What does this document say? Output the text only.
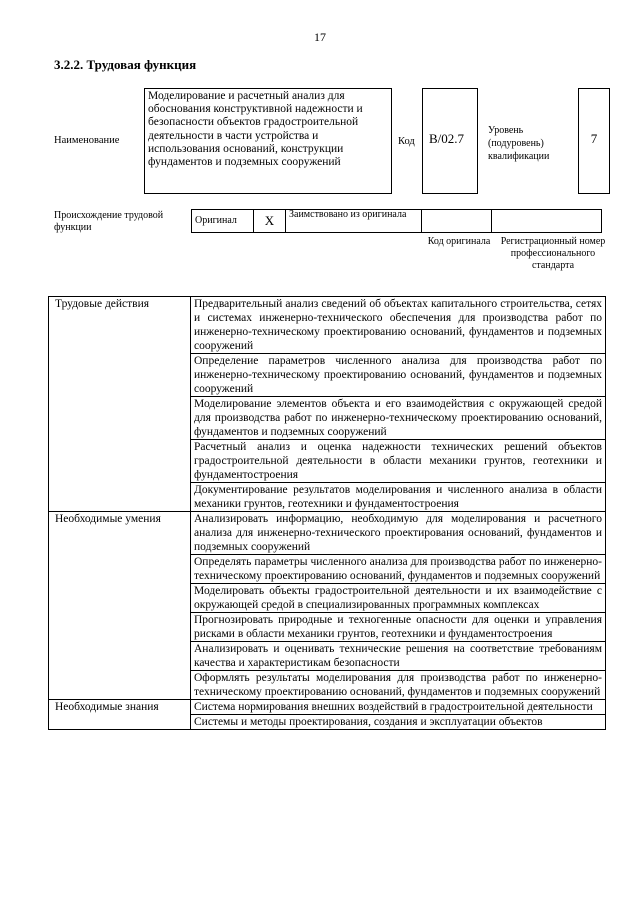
17
3.2.2. Трудовая функция
Наименование
Моделирование и расчетный анализ для обоснования конструктивной надежности и безопасности объектов градостроительной деятельности в части устройства и использования оснований, конструкции фундаментов и подземных сооружений
Код B/02.7
Уровень (подуровень) квалификации
7
Происхождение трудовой функции
Оригинал	X	Заимствовано из оригинала		
Код оригинала Регистрационный номер профессионального стандарта
Трудовые действия	Предварительный анализ сведений об объектах капитального строительства, сетях и системах инженерно-технического обеспечения для производства работ по инженерно-техническому проектированию оснований, фундаментов и подземных сооружений
	Определение параметров численного анализа для производства работ по инженерно-техническому проектированию оснований, фундаментов и подземных сооружений
	Моделирование элементов объекта и его взаимодействия с окружающей средой для производства работ по инженерно-техническому проектированию оснований, фундаментов и подземных сооружений
	Расчетный анализ и оценка надежности технических решений объектов градостроительной деятельности в области механики грунтов, геотехники и фундаментостроения
	Документирование результатов моделирования и численного анализа в области механики грунтов, геотехники и фундаментостроения
Необходимые умения	Анализировать информацию, необходимую для моделирования и расчетного анализа для инженерно-технического проектирования оснований, фундаментов и подземных сооружений
	Определять параметры численного анализа для производства работ по инженерно-техническому проектированию оснований, фундаментов и подземных сооружений
	Моделировать объекты градостроительной деятельности и их взаимодействие с окружающей средой в специализированных программных комплексах
	Прогнозировать природные и техногенные опасности для оценки и управления рисками в области механики грунтов, геотехники и фундаментостроения
	Анализировать и оценивать технические решения на соответствие требованиям качества и характеристикам безопасности
	Оформлять результаты моделирования для производства работ по инженерно-техническому проектированию оснований, фундаментов и подземных сооружений
Необходимые знания	Система нормирования внешних воздействий в градостроительной деятельности
	Системы и методы проектирования, создания и эксплуатации объектов
